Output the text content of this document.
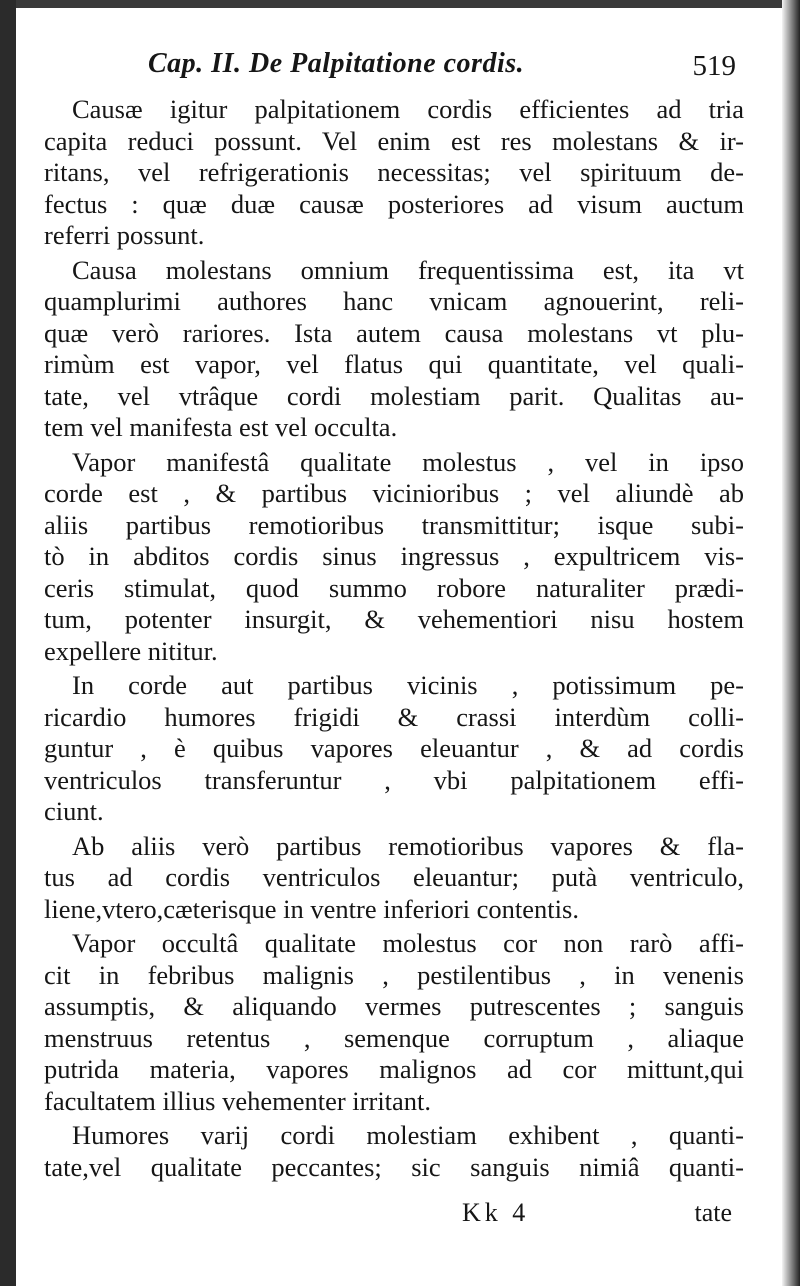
Cap. II. De Palpitatione cordis.	519
Causæ igitur palpitationem cordis efficientes ad tria
capita reduci possunt. Vel enim est res molestans & ir-
ritans, vel refrigerationis necessitas; vel spirituum de-
fectus : quæ duæ causæ posteriores ad visum auctum
referri possunt.
Causa molestans omnium frequentissima est, ita vt
quamplurimi authores hanc vnicam agnouerint, reli-
quæ verò rariores. Ista autem causa molestans vt plu-
rimùm est vapor, vel flatus qui quantitate, vel quali-
tate, vel vtrâque cordi molestiam parit. Qualitas au-
tem vel manifesta est vel occulta.
Vapor manifestâ qualitate molestus , vel in ipso
corde est , & partibus vicinioribus ; vel aliundè ab
aliis partibus remotioribus transmittitur; isque subi-
tò in abditos cordis sinus ingressus , expultricem vis-
ceris stimulat, quod summo robore naturaliter prædi-
tum, potenter insurgit, & vehementiori nisu hostem
expellere nititur.
In corde aut partibus vicinis , potissimum pe-
ricardio humores frigidi & crassi interdùm colli-
guntur , è quibus vapores eleuantur , & ad cordis
ventriculos transferuntur , vbi palpitationem effi-
ciunt.
Ab aliis verò partibus remotioribus vapores & fla-
tus ad cordis ventriculos eleuantur; putà ventriculo,
liene,vtero,cæterisque in ventre inferiori contentis.
Vapor occultâ qualitate molestus cor non rarò affi-
cit in febribus malignis , pestilentibus , in venenis
assumptis, & aliquando vermes putrescentes ; sanguis
menstruus retentus , semenque corruptum , aliaque
putrida materia, vapores malignos ad cor mittunt,qui
facultatem illius vehementer irritant.
Humores varij cordi molestiam exhibent , quanti-
tate,vel qualitate peccantes; sic sanguis nimiâ quanti-
Kk 4	tate
